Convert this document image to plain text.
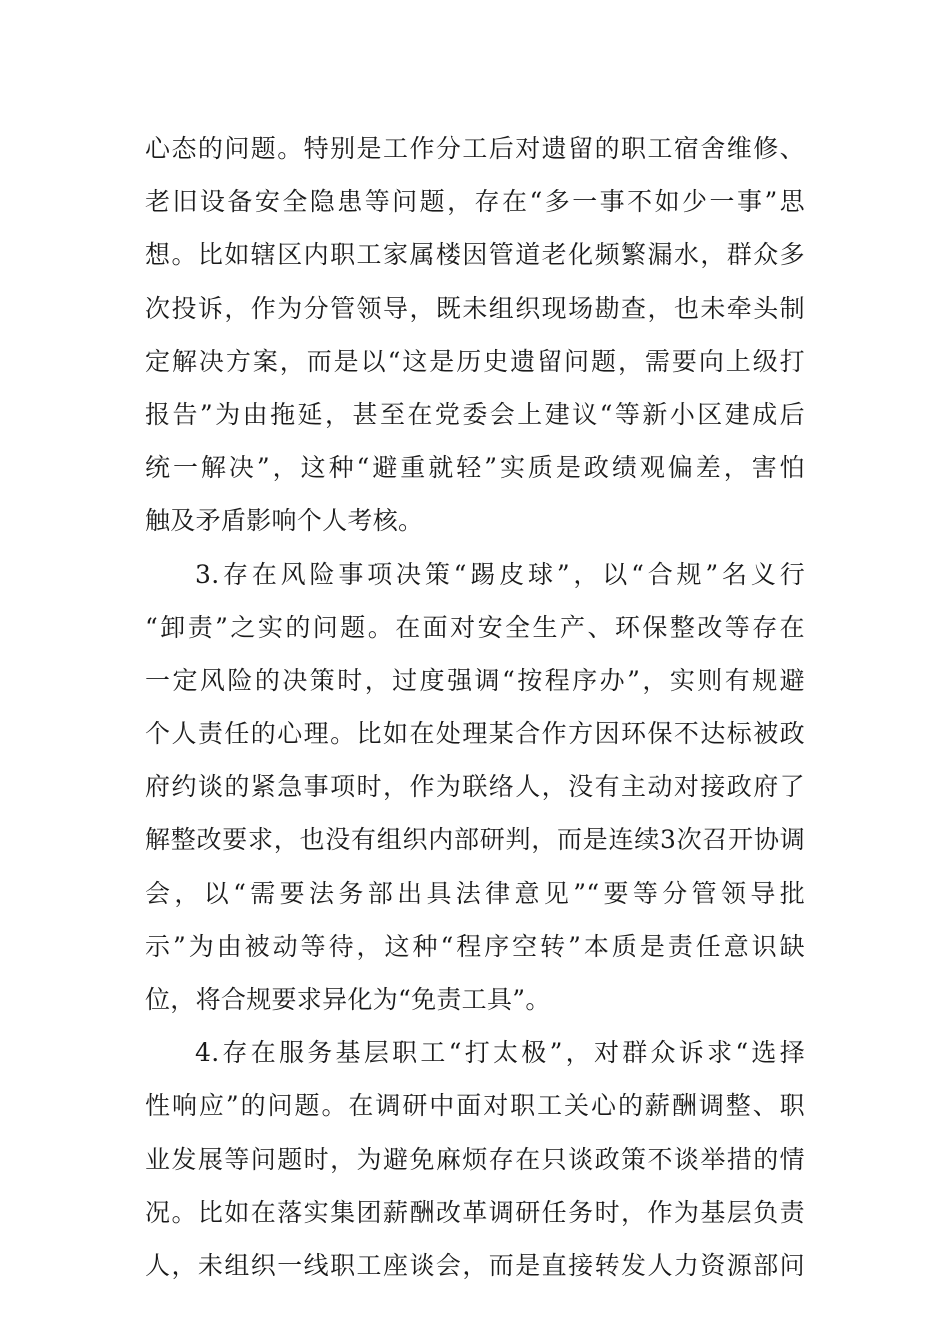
心态的问题。特别是工作分工后对遗留的职工宿舍维修、
老旧设备安全隐患等问题，存在“多一事不如少一事”思
想。比如辖区内职工家属楼因管道老化频繁漏水，群众多
次投诉，作为分管领导，既未组织现场勘查，也未牵头制
定解决方案，而是以“这是历史遗留问题，需要向上级打
报告”为由拖延，甚至在党委会上建议“等新小区建成后
统一解决”，这种“避重就轻”实质是政绩观偏差，害怕
触及矛盾影响个人考核。
3.存在风险事项决策“踢皮球”，以“合规”名义行
“卸责”之实的问题。在面对安全生产、环保整改等存在
一定风险的决策时，过度强调“按程序办”，实则有规避
个人责任的心理。比如在处理某合作方因环保不达标被政
府约谈的紧急事项时，作为联络人，没有主动对接政府了
解整改要求，也没有组织内部研判，而是连续3次召开协调
会，以“需要法务部出具法律意见”“要等分管领导批
示”为由被动等待，这种“程序空转”本质是责任意识缺
位，将合规要求异化为“免责工具”。
4.存在服务基层职工“打太极”，对群众诉求“选择
性响应”的问题。在调研中面对职工关心的薪酬调整、职
业发展等问题时，为避免麻烦存在只谈政策不谈举措的情
况。比如在落实集团薪酬改革调研任务时，作为基层负责
人，未组织一线职工座谈会，而是直接转发人力资源部问
